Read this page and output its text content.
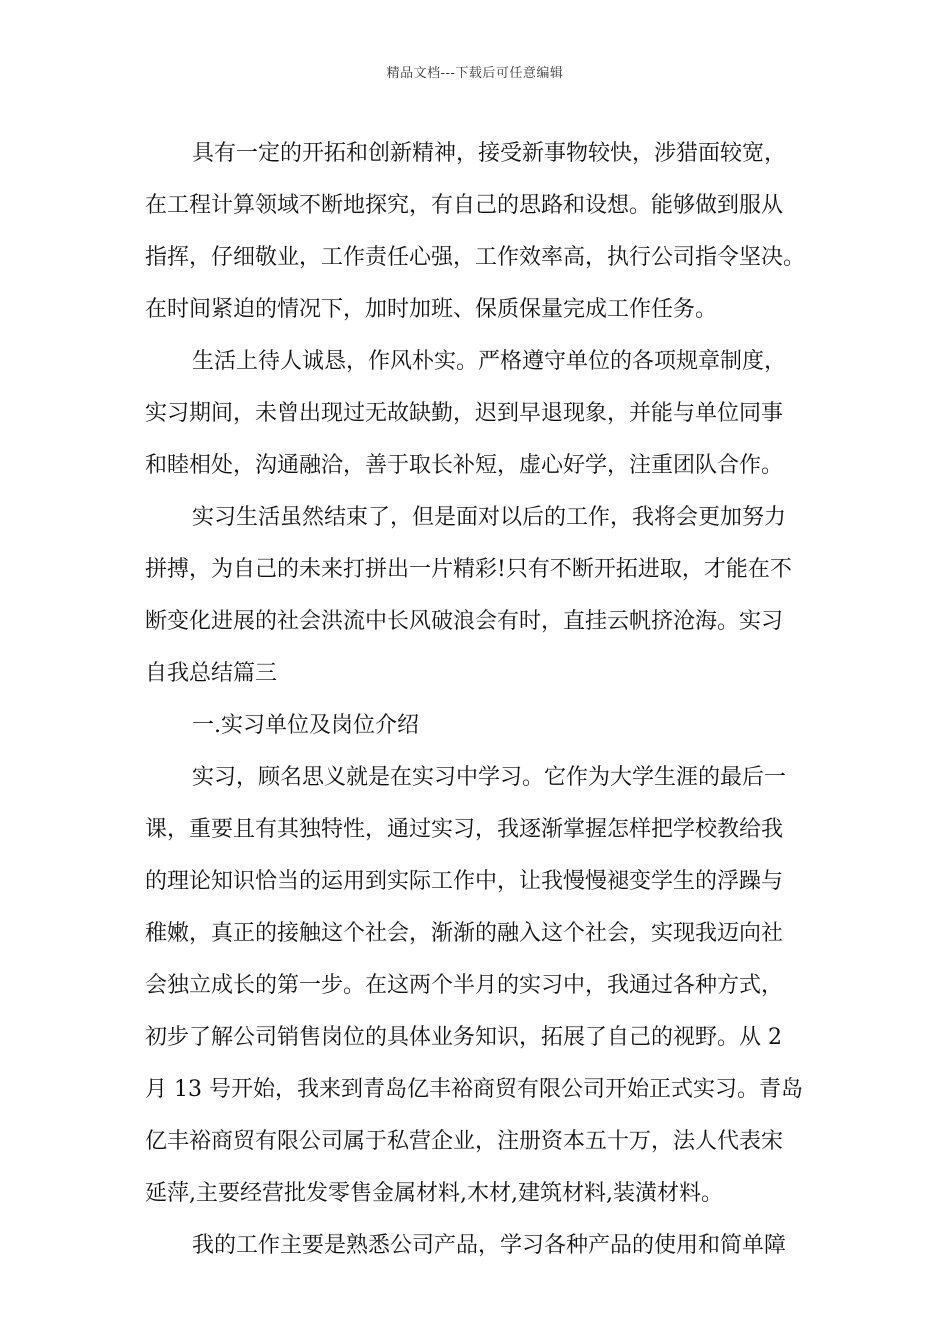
精品文档---下载后可任意编辑
具有一定的开拓和创新精神，接受新事物较快，涉猎面较宽，
在工程计算领域不断地探究，有自己的思路和设想。能够做到服从
指挥，仔细敬业，工作责任心强，工作效率高，执行公司指令坚决。
在时间紧迫的情况下，加时加班、保质保量完成工作任务。
生活上待人诚恳，作风朴实。严格遵守单位的各项规章制度，
实习期间，未曾出现过无故缺勤，迟到早退现象，并能与单位同事
和睦相处，沟通融洽，善于取长补短，虚心好学，注重团队合作。
实习生活虽然结束了，但是面对以后的工作，我将会更加努力
拼搏，为自己的未来打拼出一片精彩!只有不断开拓进取，才能在不
断变化进展的社会洪流中长风破浪会有时，直挂云帆挤沧海。实习
自我总结篇三
一.实习单位及岗位介绍
实习，顾名思义就是在实习中学习。它作为大学生涯的最后一
课，重要且有其独特性，通过实习，我逐渐掌握怎样把学校教给我
的理论知识恰当的运用到实际工作中，让我慢慢褪变学生的浮躁与
稚嫩，真正的接触这个社会，渐渐的融入这个社会，实现我迈向社
会独立成长的第一步。在这两个半月的实习中，我通过各种方式，
初步了解公司销售岗位的具体业务知识，拓展了自己的视野。从 2
月 13 号开始，我来到青岛亿丰裕商贸有限公司开始正式实习。青岛
亿丰裕商贸有限公司属于私营企业，注册资本五十万，法人代表宋
延萍,主要经营批发零售金属材料,木材,建筑材料,装潢材料。
我的工作主要是熟悉公司产品，学习各种产品的使用和简单障
